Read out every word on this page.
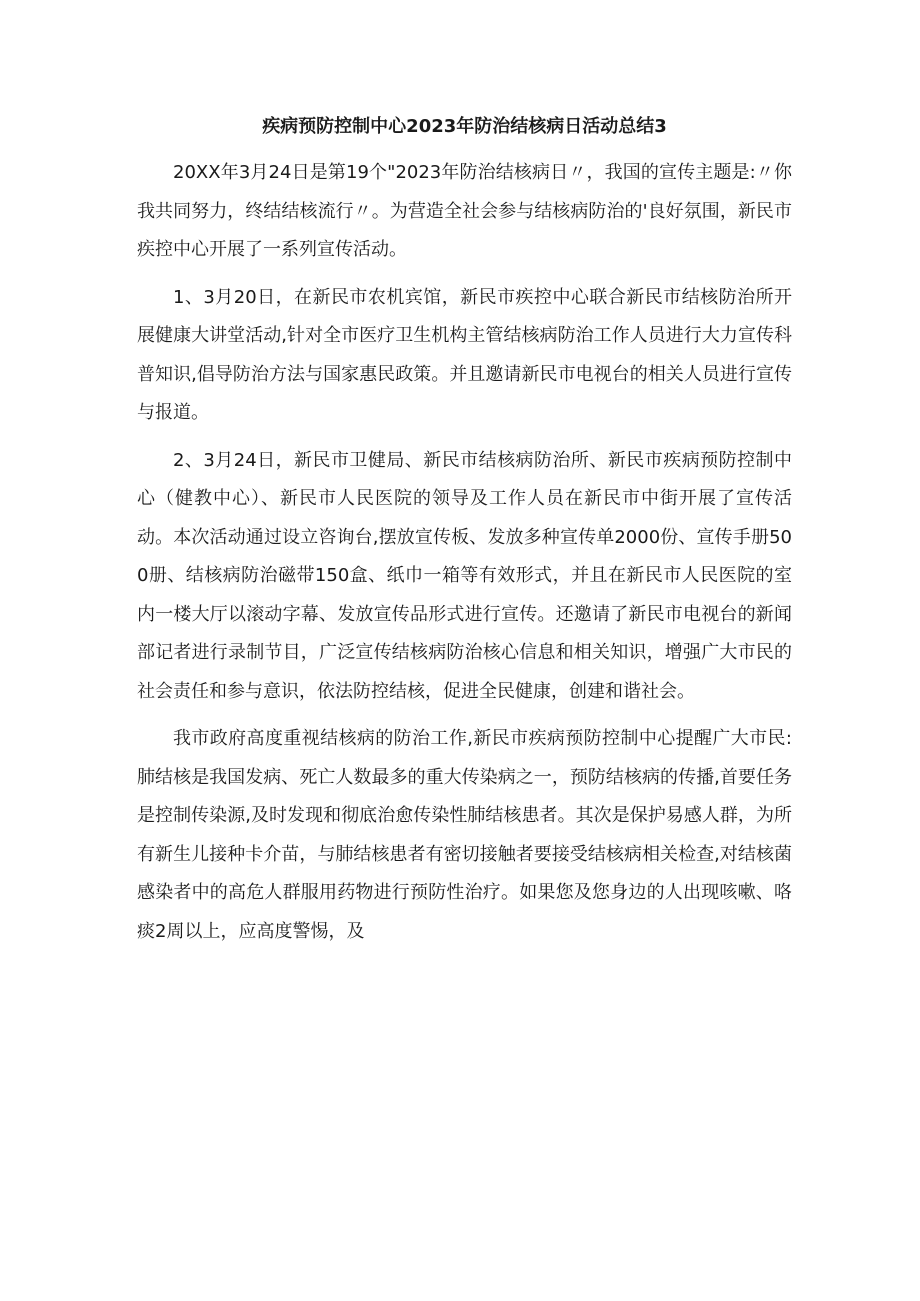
疾病预防控制中心2023年防治结核病日活动总结3

20XX年3月24日是第19个"2023年防治结核病日〃，我国的宣传主题是:〃你我共同努力，终结结核流行〃。为营造全社会参与结核病防治的'良好氛围，新民市疾控中心开展了一系列宣传活动。

1、3月20日，在新民市农机宾馆，新民市疾控中心联合新民市结核防治所开展健康大讲堂活动,针对全市医疗卫生机构主管结核病防治工作人员进行大力宣传科普知识,倡导防治方法与国家惠民政策。并且邀请新民市电视台的相关人员进行宣传与报道。

2、3月24日，新民市卫健局、新民市结核病防治所、新民市疾病预防控制中心（健教中心）、新民市人民医院的领导及工作人员在新民市中街开展了宣传活动。本次活动通过设立咨询台,摆放宣传板、发放多种宣传单2000份、宣传手册500册、结核病防治磁带150盒、纸巾一箱等有效形式，并且在新民市人民医院的室内一楼大厅以滚动字幕、发放宣传品形式进行宣传。还邀请了新民市电视台的新闻部记者进行录制节目，广泛宣传结核病防治核心信息和相关知识，增强广大市民的社会责任和参与意识，依法防控结核，促进全民健康，创建和谐社会。

我市政府高度重视结核病的防治工作,新民市疾病预防控制中心提醒广大市民:肺结核是我国发病、死亡人数最多的重大传染病之一，预防结核病的传播,首要任务是控制传染源,及时发现和彻底治愈传染性肺结核患者。其次是保护易感人群，为所有新生儿接种卡介苗，与肺结核患者有密切接触者要接受结核病相关检查,对结核菌感染者中的高危人群服用药物进行预防性治疗。如果您及您身边的人出现咳嗽、咯痰2周以上，应高度警惕，及
